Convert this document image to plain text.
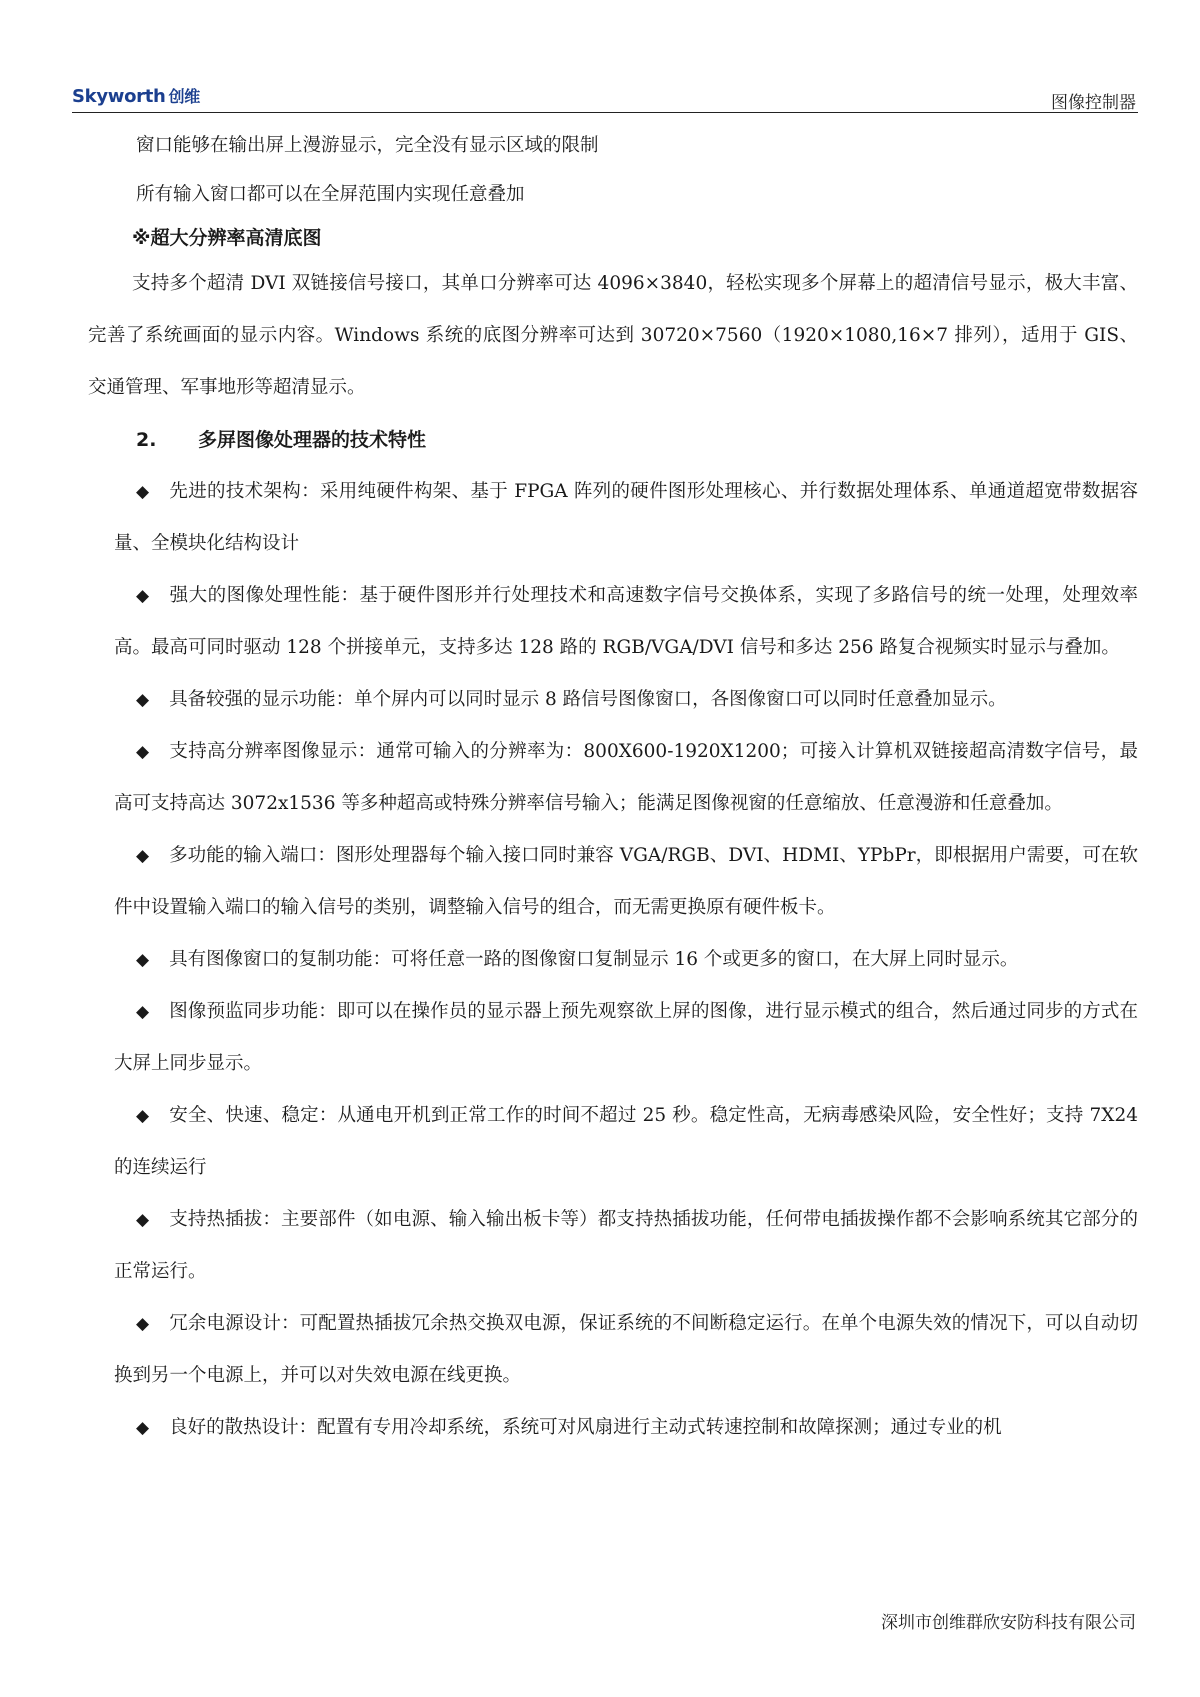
Skyworth 创维	图像控制器

窗口能够在输出屏上漫游显示，完全没有显示区域的限制

所有输入窗口都可以在全屏范围内实现任意叠加

※超大分辨率高清底图

支持多个超清 DVI 双链接信号接口，其单口分辨率可达 4096×3840，轻松实现多个屏幕上的超清信号显示，极大丰富、完善了系统画面的显示内容。Windows 系统的底图分辨率可达到 30720×7560（1920×1080,16×7 排列），适用于 GIS、交通管理、军事地形等超清显示。

2. 多屏图像处理器的技术特性

◆ 先进的技术架构：采用纯硬件构架、基于 FPGA 阵列的硬件图形处理核心、并行数据处理体系、单通道超宽带数据容量、全模块化结构设计

◆ 强大的图像处理性能：基于硬件图形并行处理技术和高速数字信号交换体系，实现了多路信号的统一处理，处理效率高。最高可同时驱动 128 个拼接单元，支持多达 128 路的 RGB/VGA/DVI 信号和多达 256 路复合视频实时显示与叠加。

◆ 具备较强的显示功能：单个屏内可以同时显示 8 路信号图像窗口，各图像窗口可以同时任意叠加显示。

◆ 支持高分辨率图像显示：通常可输入的分辨率为：800X600-1920X1200；可接入计算机双链接超高清数字信号，最高可支持高达 3072x1536 等多种超高或特殊分辨率信号输入；能满足图像视窗的任意缩放、任意漫游和任意叠加。

◆ 多功能的输入端口：图形处理器每个输入接口同时兼容 VGA/RGB、DVI、HDMI、YPbPr，即根据用户需要，可在软件中设置输入端口的输入信号的类别，调整输入信号的组合，而无需更换原有硬件板卡。

◆ 具有图像窗口的复制功能：可将任意一路的图像窗口复制显示 16 个或更多的窗口，在大屏上同时显示。

◆ 图像预监同步功能：即可以在操作员的显示器上预先观察欲上屏的图像，进行显示模式的组合，然后通过同步的方式在大屏上同步显示。

◆ 安全、快速、稳定：从通电开机到正常工作的时间不超过 25 秒。稳定性高，无病毒感染风险，安全性好；支持 7X24 的连续运行

◆ 支持热插拔：主要部件（如电源、输入输出板卡等）都支持热插拔功能，任何带电插拔操作都不会影响系统其它部分的正常运行。

◆ 冗余电源设计：可配置热插拔冗余热交换双电源，保证系统的不间断稳定运行。在单个电源失效的情况下，可以自动切换到另一个电源上，并可以对失效电源在线更换。

◆ 良好的散热设计：配置有专用冷却系统，系统可对风扇进行主动式转速控制和故障探测；通过专业的机

深圳市创维群欣安防科技有限公司
